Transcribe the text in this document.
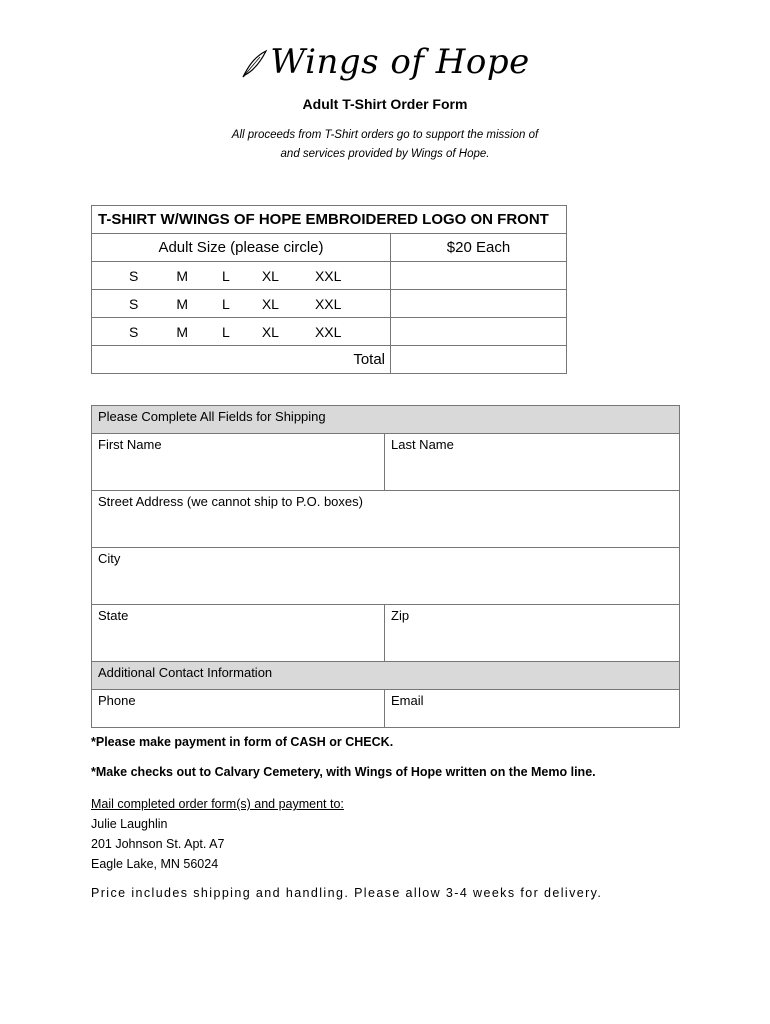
Wings of Hope
Adult T-Shirt Order Form
All proceeds from T-Shirt orders go to support the mission of
and services provided by Wings of Hope.
T-SHIRT W/WINGS OF HOPE EMBROIDERED LOGO ON FRONT	
Adult Size (please circle)	$20 Each

S M L XL XXL	

S M L XL XXL	

S M L XL XXL	

Total	
Please Complete All Fields for Shipping	
First Name	Last Name
Street Address (we cannot ship to P.O. boxes)	
City	
State	Zip
Additional Contact Information	
Phone	Email
*Please make payment in form of CASH or CHECK.
*Make checks out to Calvary Cemetery, with Wings of Hope written on the Memo line.
Mail completed order form(s) and payment to:
Julie Laughlin
201 Johnson St. Apt. A7
Eagle Lake, MN 56024
Price includes shipping and handling. Please allow 3-4 weeks for delivery.
